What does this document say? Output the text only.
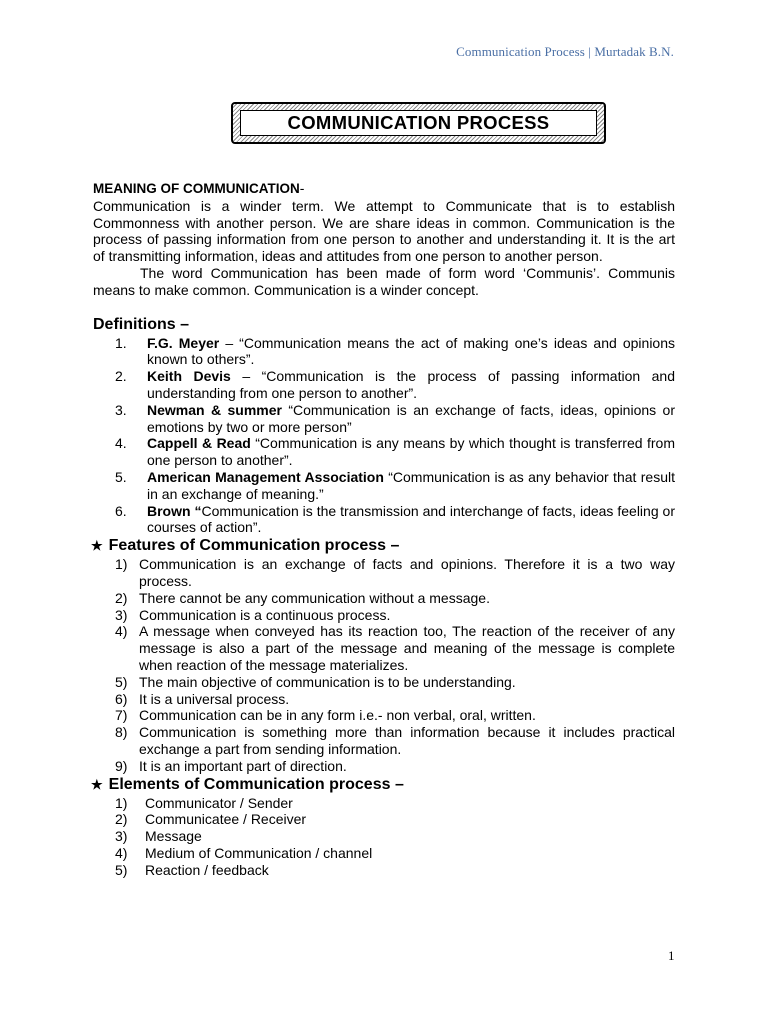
Communication Process | Murtadak B.N.
COMMUNICATION PROCESS
MEANING OF COMMUNICATION-

Communication is a winder term. We attempt to Communicate that is to establish Commonness with another person. We are share ideas in common. Communication is the process of passing information from one person to another and understanding it. It is the art of transmitting information, ideas and attitudes from one person to another person.

The word Communication has been made of form word ‘Communis’. Communis means to make common. Communication is a winder concept.

Definitions –
1.	F.G. Meyer – “Communication means the act of making one’s ideas and opinions known to others”.
2.	Keith Devis – “Communication is the process of passing information and understanding from one person to another”.
3.	Newman & summer “Communication is an exchange of facts, ideas, opinions or emotions by two or more person”
4.	Cappell & Read “Communication is any means by which thought is transferred from one person to another”.
5.	American Management Association “Communication is as any behavior that result in an exchange of meaning.”
6.	Brown “Communication is the transmission and interchange of facts, ideas feeling or courses of action”.
★ Features of Communication process –
1) Communication is an exchange of facts and opinions. Therefore it is a two way process.
2) There cannot be any communication without a message.
3) Communication is a continuous process.
4) A message when conveyed has its reaction too, The reaction of the receiver of any message is also a part of the message and meaning of the message is complete when reaction of the message materializes.
5) The main objective of communication is to be understanding.
6) It is a universal process.
7) Communication can be in any form i.e.- non verbal, oral, written.
8) Communication is something more than information because it includes practical exchange a part from sending information.
9) It is an important part of direction.
★ Elements of Communication process –
1)	Communicator / Sender
2)	Communicatee / Receiver
3)	Message
4)	Medium of Communication / channel
5)	Reaction / feedback
1
